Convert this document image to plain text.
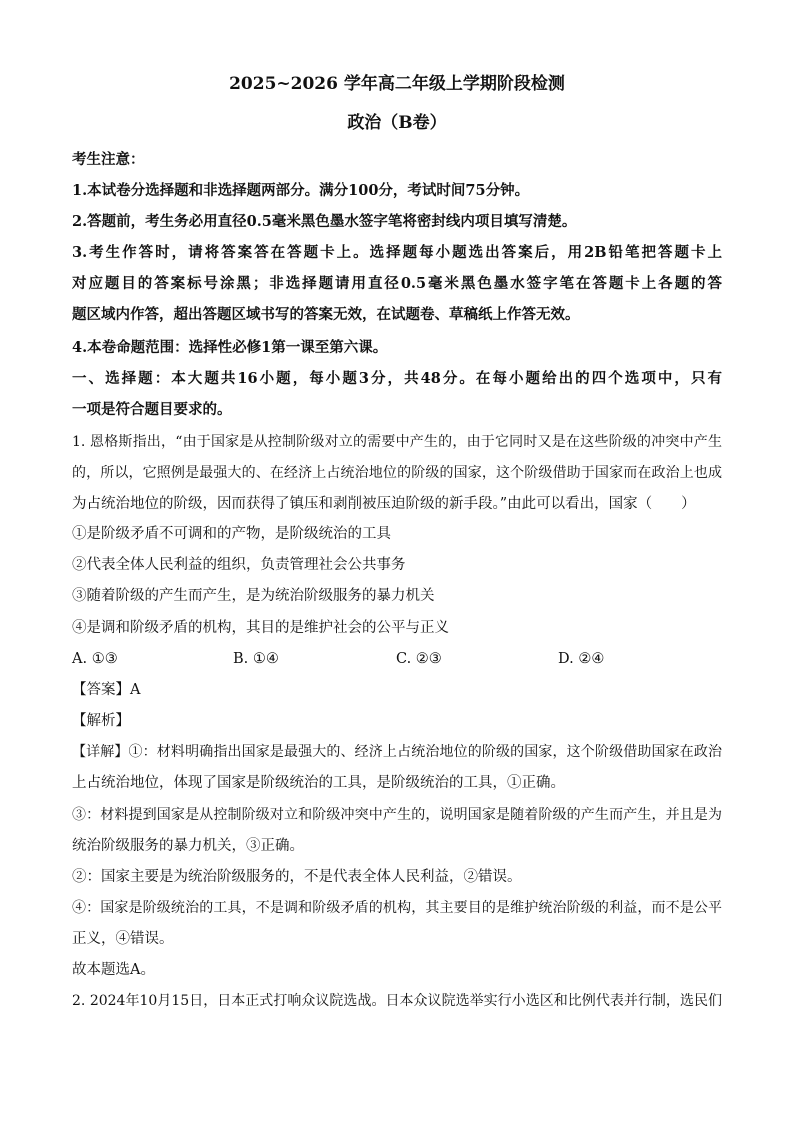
2025~2026 学年高二年级上学期阶段检测
政治（B卷）
考生注意：
1.本试卷分选择题和非选择题两部分。满分100分，考试时间75分钟。
2.答题前，考生务必用直径0.5毫米黑色墨水签字笔将密封线内项目填写清楚。
3.考生作答时，请将答案答在答题卡上。选择题每小题选出答案后，用2B铅笔把答题卡上
对应题目的答案标号涂黑；非选择题请用直径0.5毫米黑色墨水签字笔在答题卡上各题的答
题区域内作答，超出答题区域书写的答案无效，在试题卷、草稿纸上作答无效。
4.本卷命题范围：选择性必修1第一课至第六课。
一、选择题：本大题共16小题，每小题3分，共48分。在每小题给出的四个选项中，只有
一项是符合题目要求的。
1. 恩格斯指出，“由于国家是从控制阶级对立的需要中产生的，由于它同时又是在这些阶级的冲突中产生
的，所以，它照例是最强大的、在经济上占统治地位的阶级的国家，这个阶级借助于国家而在政治上也成
为占统治地位的阶级，因而获得了镇压和剥削被压迫阶级的新手段。”由此可以看出，国家（　　）
①是阶级矛盾不可调和的产物，是阶级统治的工具
②代表全体人民利益的组织，负责管理社会公共事务
③随着阶级的产生而产生，是为统治阶级服务的暴力机关
④是调和阶级矛盾的机构，其目的是维护社会的公平与正义
A. ①③	B. ①④	C. ②③	D. ②④
【答案】A
【解析】
【详解】①：材料明确指出国家是最强大的、经济上占统治地位的阶级的国家，这个阶级借助国家在政治
上占统治地位，体现了国家是阶级统治的工具，是阶级统治的工具，①正确。
③：材料提到国家是从控制阶级对立和阶级冲突中产生的，说明国家是随着阶级的产生而产生，并且是为
统治阶级服务的暴力机关，③正确。
②：国家主要是为统治阶级服务的，不是代表全体人民利益，②错误。
④：国家是阶级统治的工具，不是调和阶级矛盾的机构，其主要目的是维护统治阶级的利益，而不是公平
正义，④错误。
故本题选A。
2. 2024年10月15日，日本正式打响众议院选战。日本众议院选举实行小选区和比例代表并行制，选民们
